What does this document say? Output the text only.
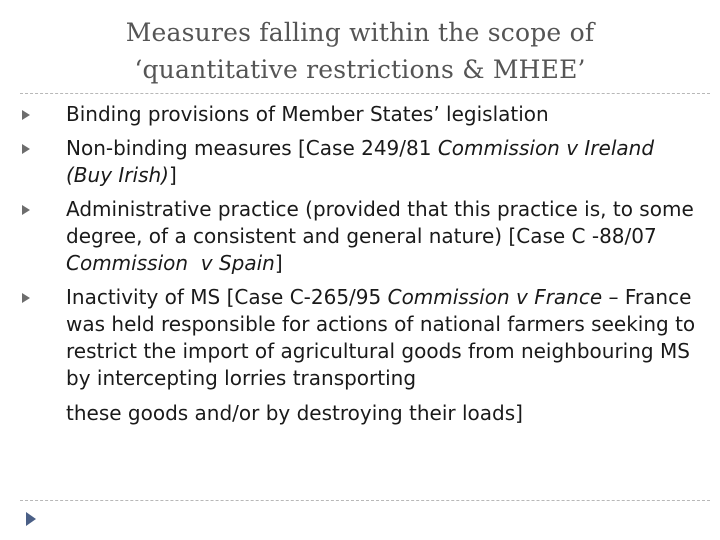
Measures falling within the scope of
‘quantitative restrictions & MHEE’
Binding provisions of Member States’ legislation
Non-binding measures [Case 249/81 Commission v Ireland (Buy Irish)]
Administrative practice (provided that this practice is, to some degree, of a consistent and general nature) [Case C -88/07 Commission  v Spain]
Inactivity of MS [Case C-265/95 Commission v France – France was held responsible for actions of national farmers seeking to restrict the import of agricultural goods from neighbouring MS by intercepting lorries transporting
these goods and/or by destroying their loads]
